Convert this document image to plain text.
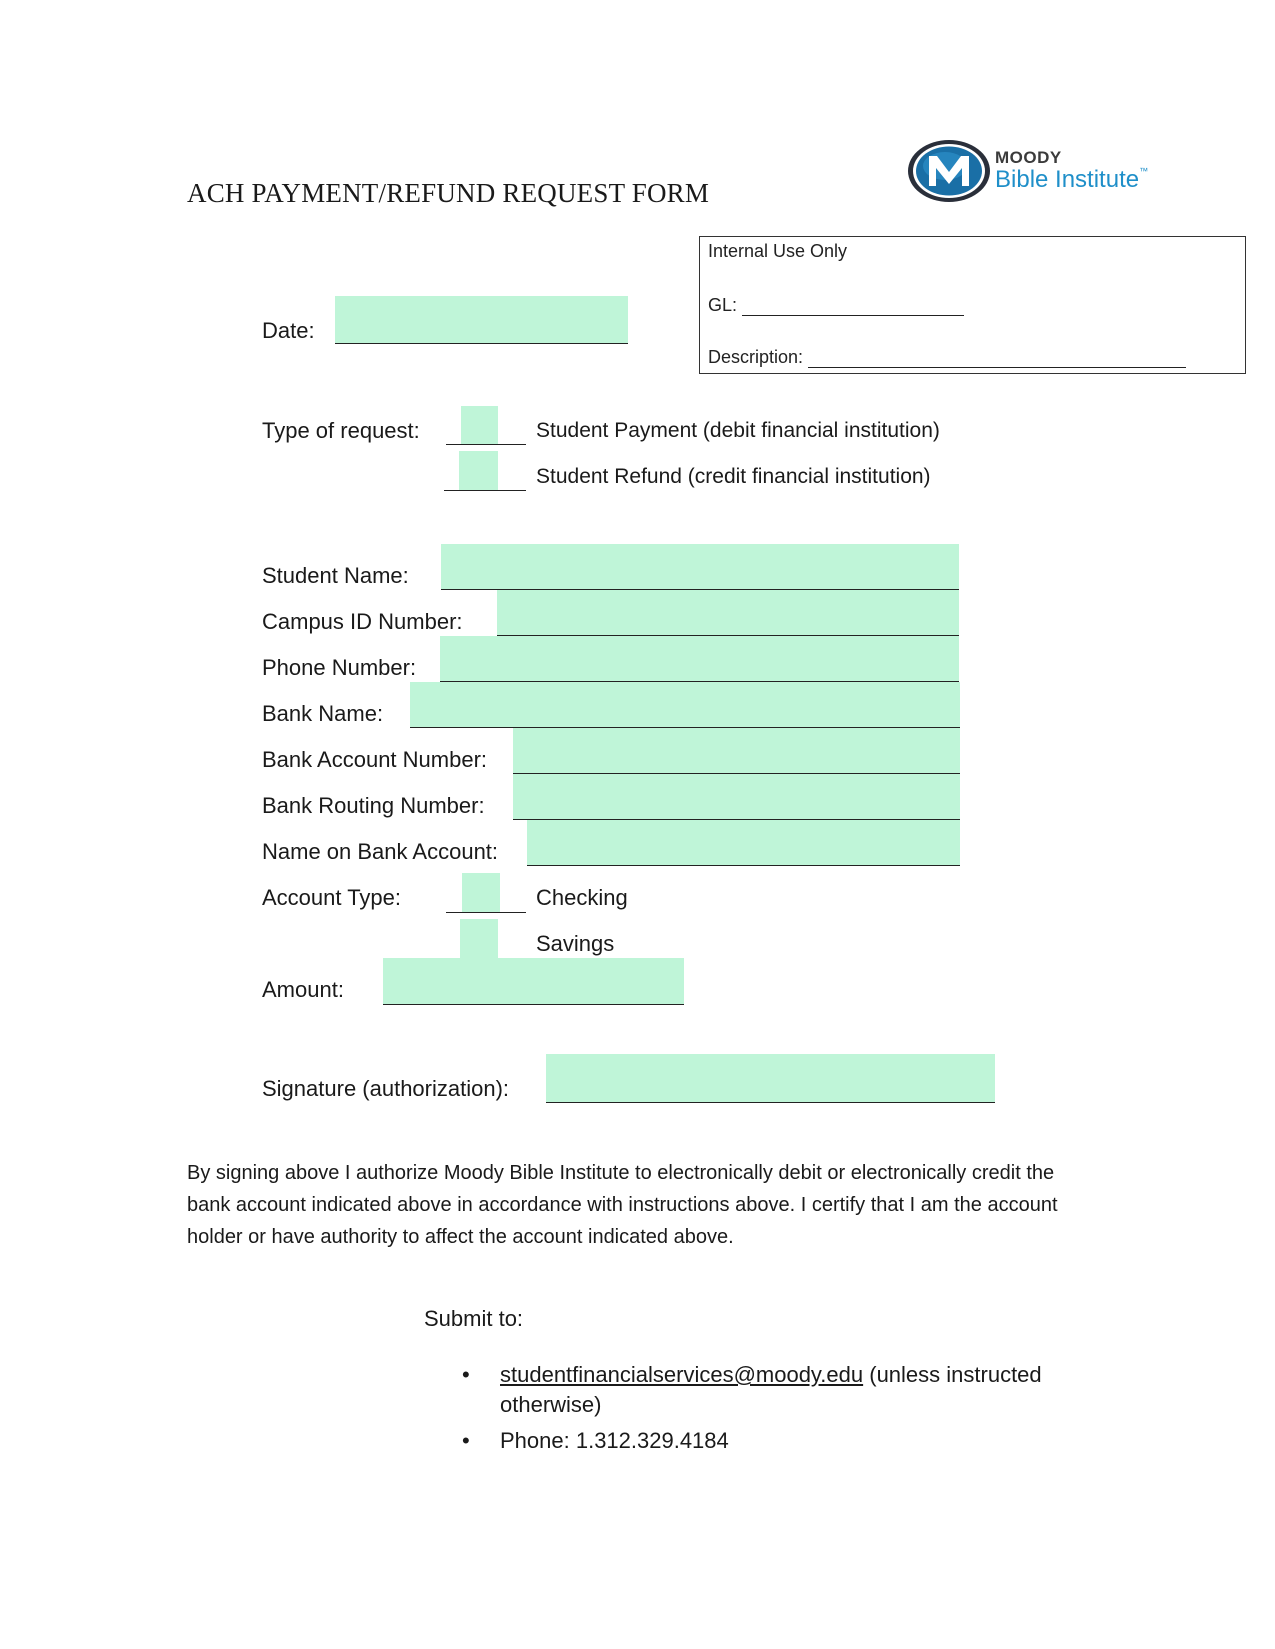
ACH PAYMENT/REFUND REQUEST FORM
MOODY
Bible Institute™
Internal Use Only
GL:
Description:
Date:
Type of request:	Student Payment (debit financial institution)
Student Refund (credit financial institution)
Student Name:
Campus ID Number:
Phone Number:
Bank Name:
Bank Account Number:
Bank Routing Number:
Name on Bank Account:
Account Type:	Checking
Savings
Amount:
Signature (authorization):
By signing above I authorize Moody Bible Institute to electronically debit or electronically credit the bank account indicated above in accordance with instructions above. I certify that I am the account holder or have authority to affect the account indicated above.
Submit to:
• studentfinancialservices@moody.edu (unless instructed otherwise)
• Phone: 1.312.329.4184
